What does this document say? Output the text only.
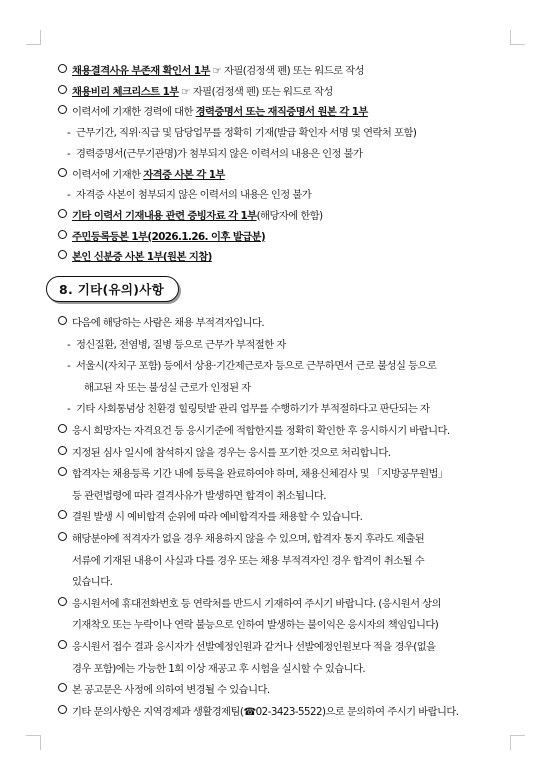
채용결격사유 부존재 확인서 1부 ☞ 자필(검정색 펜) 또는 워드로 작성
채용비리 체크리스트 1부 ☞ 자필(검정색 펜) 또는 워드로 작성
이력서에 기재한 경력에 대한 경력증명서 또는 재직증명서 원본 각 1부
- 근무기간, 직위·직급 및 담당업무를 정확히 기재(발급 확인자 서명 및 연락처 포함)
- 경력증명서(근무기관명)가 첨부되지 않은 이력서의 내용은 인정 불가
이력서에 기재한 자격증 사본 각 1부
- 자격증 사본이 첨부되지 않은 이력서의 내용은 인정 불가
기타 이력서 기재내용 관련 증빙자료 각 1부(해당자에 한함)
주민등록등본 1부(2026.1.26. 이후 발급분)
본인 신분증 사본 1부(원본 지참)
8. 기타(유의)사항
다음에 해당하는 사람은 채용 부적격자입니다.
- 정신질환, 전염병, 질병 등으로 근무가 부적절한 자
- 서울시(자치구 포함) 등에서 상용·기간제근로자 등으로 근무하면서 근로 불성실 등으로
해고된 자 또는 불성실 근로가 인정된 자
- 기타 사회통념상 친환경 힐링텃밭 관리 업무를 수행하기가 부적절하다고 판단되는 자
응시 희망자는 자격요건 등 응시기준에 적합한지를 정확히 확인한 후 응시하시기 바랍니다.
지정된 심사 일시에 참석하지 않을 경우는 응시를 포기한 것으로 처리합니다.
합격자는 채용등록 기간 내에 등록을 완료하여야 하며, 채용신체검사 및 「지방공무원법」
등 관련법령에 따라 결격사유가 발생하면 합격이 취소됩니다.
결원 발생 시 예비합격 순위에 따라 예비합격자를 채용할 수 있습니다.
해당분야에 적격자가 없을 경우 채용하지 않을 수 있으며, 합격자 통지 후라도 제출된
서류에 기재된 내용이 사실과 다를 경우 또는 채용 부적격자인 경우 합격이 취소될 수
있습니다.
응시원서에 휴대전화번호 등 연락처를 반드시 기재하여 주시기 바랍니다. (응시원서 상의
기재착오 또는 누락이나 연락 불능으로 인하여 발생하는 불이익은 응시자의 책임입니다)
응시원서 접수 결과 응시자가 선발예정인원과 같거나 선발예정인원보다 적을 경우(없을
경우 포함)에는 가능한 1회 이상 재공고 후 시험을 실시할 수 있습니다.
본 공고문은 사정에 의하여 변경될 수 있습니다.
기타 문의사항은 지역경제과 생활경제팀(☎02-3423-5522)으로 문의하여 주시기 바랍니다.
